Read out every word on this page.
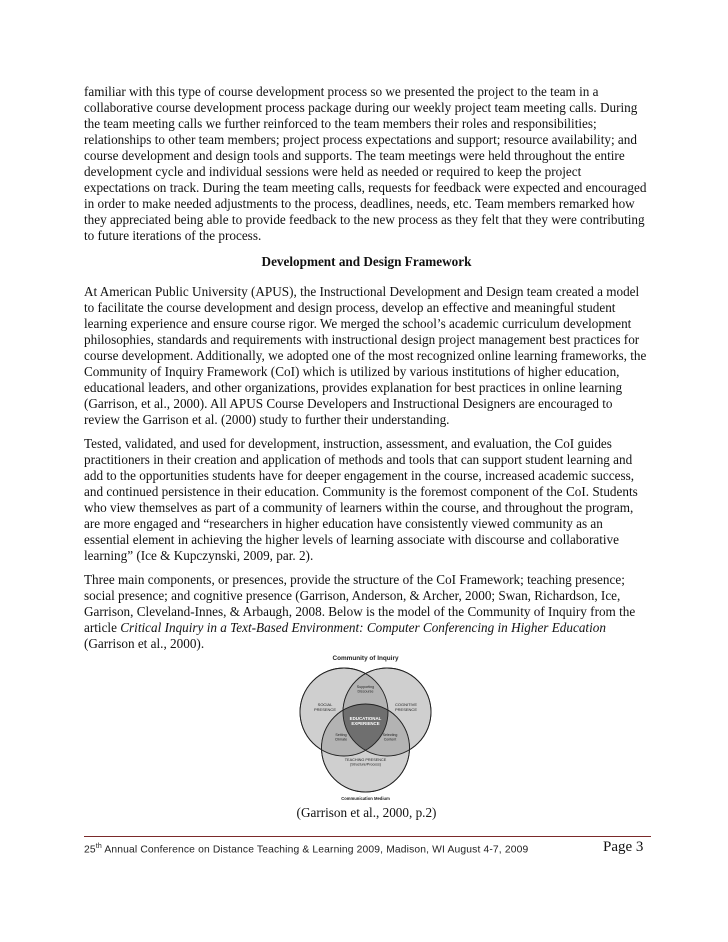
familiar with this type of course development process so we presented the project to the team in a collaborative course development process package during our weekly project team meeting calls. During the team meeting calls we further reinforced to the team members their roles and responsibilities; relationships to other team members; project process expectations and support; resource availability; and course development and design tools and supports. The team meetings were held throughout the entire development cycle and individual sessions were held as needed or required to keep the project expectations on track. During the team meeting calls, requests for feedback were expected and encouraged in order to make needed adjustments to the process, deadlines, needs, etc. Team members remarked how they appreciated being able to provide feedback to the new process as they felt that they were contributing to future iterations of the process.

Development and Design Framework

At American Public University (APUS), the Instructional Development and Design team created a model to facilitate the course development and design process, develop an effective and meaningful student learning experience and ensure course rigor. We merged the school’s academic curriculum development philosophies, standards and requirements with instructional design project management best practices for course development. Additionally, we adopted one of the most recognized online learning frameworks, the Community of Inquiry Framework (CoI) which is utilized by various institutions of higher education, educational leaders, and other organizations, provides explanation for best practices in online learning (Garrison, et al., 2000). All APUS Course Developers and Instructional Designers are encouraged to review the Garrison et al. (2000) study to further their understanding.

Tested, validated, and used for development, instruction, assessment, and evaluation, the CoI guides practitioners in their creation and application of methods and tools that can support student learning and add to the opportunities students have for deeper engagement in the course, increased academic success, and continued persistence in their education. Community is the foremost component of the CoI. Students who view themselves as part of a community of learners within the course, and throughout the program, are more engaged and “researchers in higher education have consistently viewed community as an essential element in achieving the higher levels of learning associate with discourse and collaborative learning” (Ice & Kupczynski, 2009, par. 2).

Three main components, or presences, provide the structure of the CoI Framework; teaching presence; social presence; and cognitive presence (Garrison, Anderson, & Archer, 2000; Swan, Richardson, Ice, Garrison, Cleveland-Innes, & Arbaugh, 2008. Below is the model of the Community of Inquiry from the article Critical Inquiry in a Text-Based Environment: Computer Conferencing in Higher Education (Garrison et al., 2000).

Community of Inquiry
Supporting
Discourse
SOCIAL
PRESENCE
COGNITIVE
PRESENCE
EDUCATIONAL
EXPERIENCE
Setting
Climate
Selecting
Content
TEACHING PRESENCE
(Structure/Process)
Communication Medium

(Garrison et al., 2000, p.2)

25th Annual Conference on Distance Teaching & Learning 2009, Madison, WI August 4-7, 2009	Page 3
